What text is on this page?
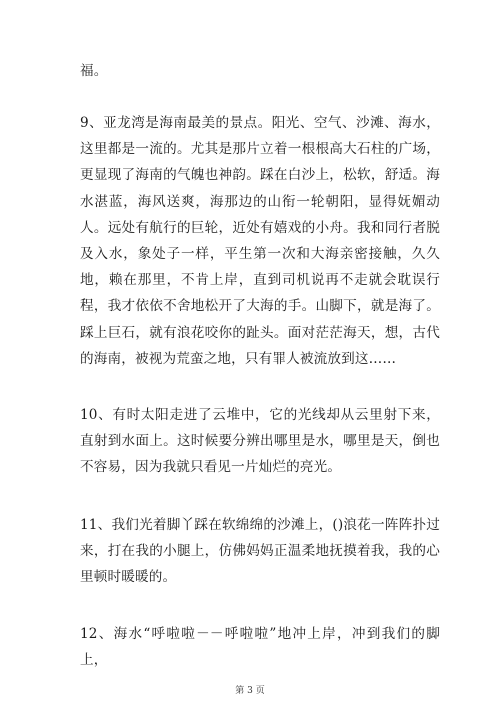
福。

9、亚龙湾是海南最美的景点。阳光、空气、沙滩、海水，这里都是一流的。尤其是那片立着一根根高大石柱的广场，更显现了海南的气魄也神韵。踩在白沙上，松软，舒适。海水湛蓝，海风送爽，海那边的山衔一轮朝阳，显得妩媚动人。远处有航行的巨轮，近处有嬉戏的小舟。我和同行者脱及入水，象处子一样，平生第一次和大海亲密接触，久久地，赖在那里，不肯上岸，直到司机说再不走就会耽误行程，我才依依不舍地松开了大海的手。山脚下，就是海了。踩上巨石，就有浪花咬你的趾头。面对茫茫海天，想，古代的海南，被视为荒蛮之地，只有罪人被流放到这……

10、有时太阳走进了云堆中，它的光线却从云里射下来，直射到水面上。这时候要分辨出哪里是水，哪里是天，倒也不容易，因为我就只看见一片灿烂的亮光。

11、我们光着脚丫踩在软绵绵的沙滩上，()浪花一阵阵扑过来，打在我的小腿上，仿佛妈妈正温柔地抚摸着我，我的心里顿时暖暖的。

12、海水“呼啦啦－－呼啦啦”地冲上岸，冲到我们的脚上，

第 3 页
